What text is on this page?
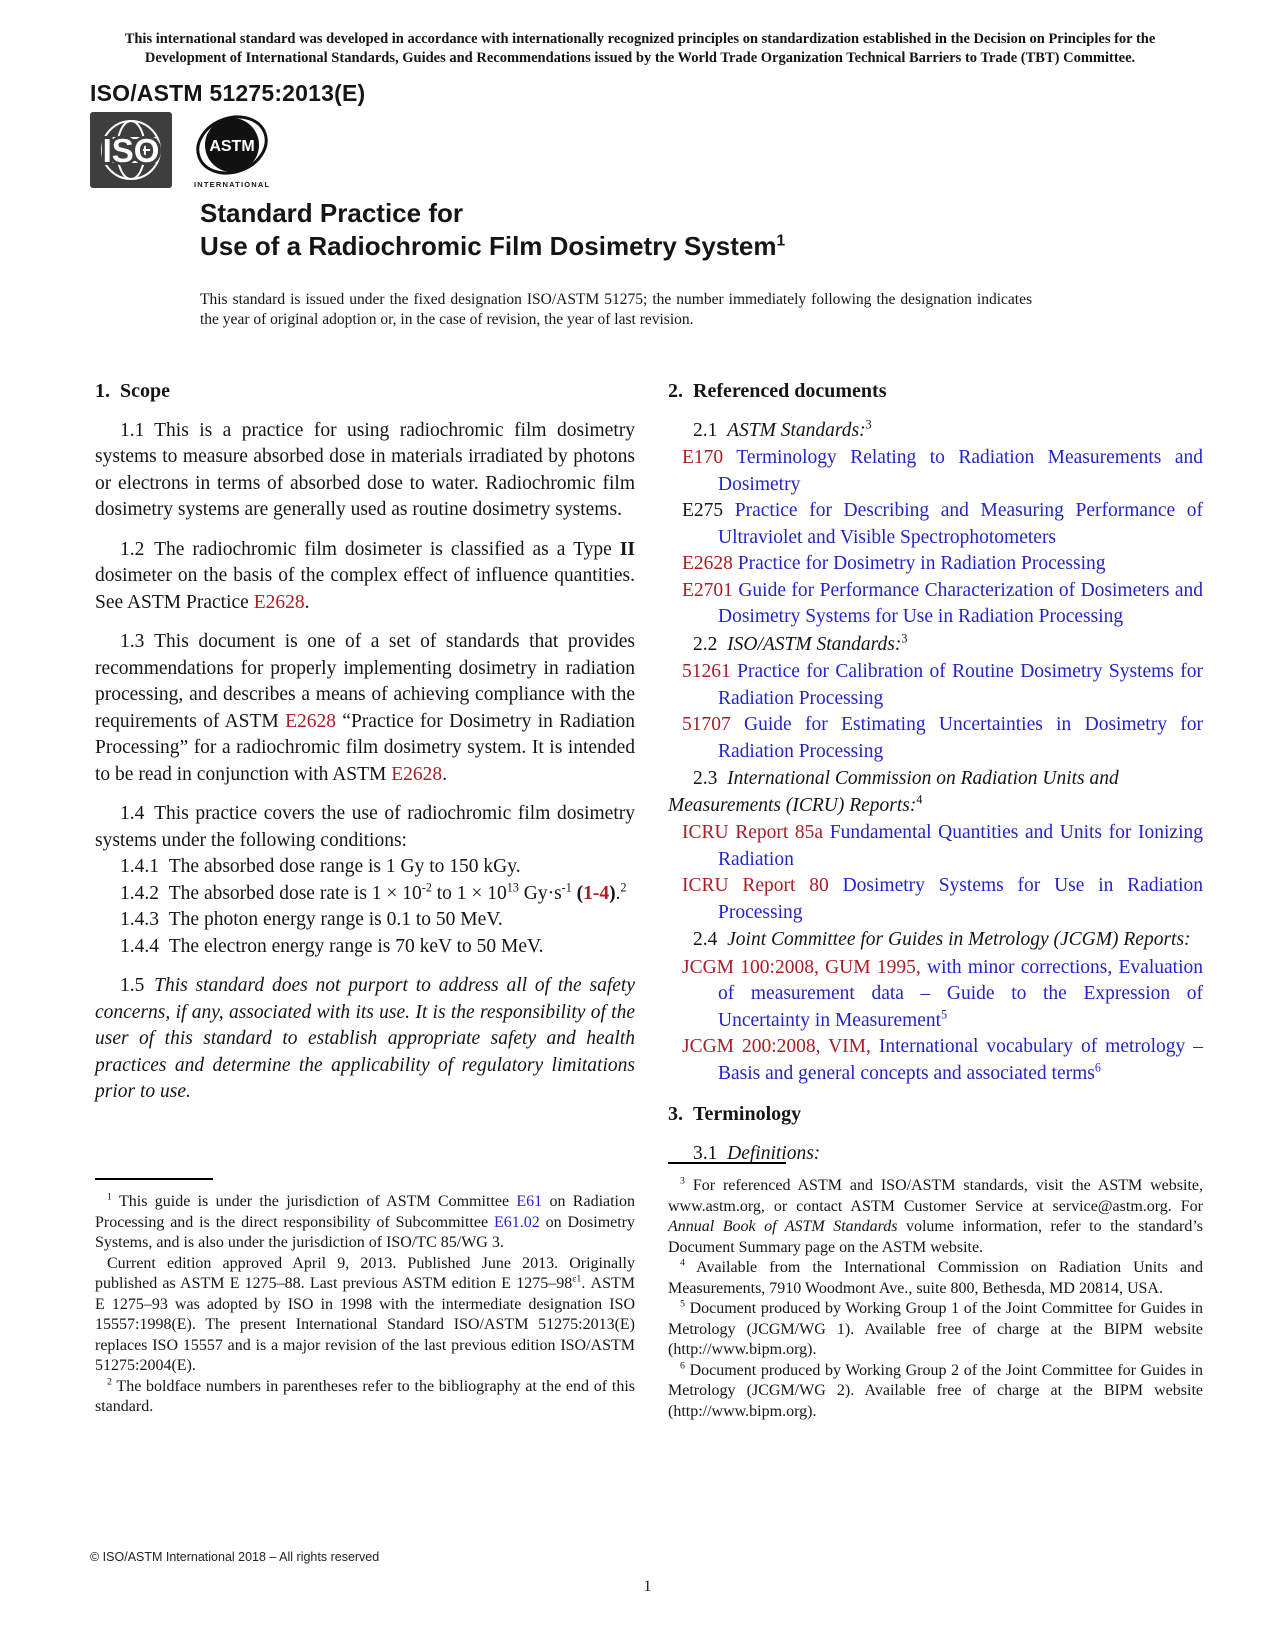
This international standard was developed in accordance with internationally recognized principles on standardization established in the Decision on Principles for the
Development of International Standards, Guides and Recommendations issued by the World Trade Organization Technical Barriers to Trade (TBT) Committee.
ISO/ASTM 51275:2013(E)
ISO	ASTM
INTERNATIONAL
Standard Practice for
Use of a Radiochromic Film Dosimetry System$^1$
This standard is issued under the fixed designation ISO/ASTM 51275; the number immediately following the designation indicates the year of original adoption or, in the case of revision, the year of last revision.
1. Scope

1.1 This is a practice for using radiochromic film dosimetry systems to measure absorbed dose in materials irradiated by photons or electrons in terms of absorbed dose to water. Radiochromic film dosimetry systems are generally used as routine dosimetry systems.

1.2 The radiochromic film dosimeter is classified as a Type II dosimeter on the basis of the complex effect of influence quantities. See ASTM Practice E2628.

1.3 This document is one of a set of standards that provides recommendations for properly implementing dosimetry in radiation processing, and describes a means of achieving compliance with the requirements of ASTM E2628 “Practice for Dosimetry in Radiation Processing” for a radiochromic film dosimetry system. It is intended to be read in conjunction with ASTM E2628.

1.4 This practice covers the use of radiochromic film dosimetry systems under the following conditions:

1.4.1 The absorbed dose range is 1 Gy to 150 kGy.

1.4.2 The absorbed dose rate is $1 \times 10^{-2}$ to $1 \times 10^{13}$ $Gy\cdot s^{-1}$ (1-4).$^2$

1.4.3 The photon energy range is 0.1 to 50 MeV.

1.4.4 The electron energy range is 70 keV to 50 MeV.

1.5 This standard does not purport to address all of the safety concerns, if any, associated with its use. It is the responsibility of the user of this standard to establish appropriate safety and health practices and determine the applicability of regulatory limitations prior to use.

2. Referenced documents

2.1 ASTM Standards:$^3$

E170 Terminology Relating to Radiation Measurements and Dosimetry

E275 Practice for Describing and Measuring Performance of Ultraviolet and Visible Spectrophotometers

E2628 Practice for Dosimetry in Radiation Processing

E2701 Guide for Performance Characterization of Dosimeters and Dosimetry Systems for Use in Radiation Processing

2.2 ISO/ASTM Standards:$^3$

51261 Practice for Calibration of Routine Dosimetry Systems for Radiation Processing

51707 Guide for Estimating Uncertainties in Dosimetry for Radiation Processing

2.3 International Commission on Radiation Units and Measurements (ICRU) Reports:$^4$

ICRU Report 85a Fundamental Quantities and Units for Ionizing Radiation

ICRU Report 80 Dosimetry Systems for Use in Radiation Processing

2.4 Joint Committee for Guides in Metrology (JCGM) Reports:

JCGM 100:2008, GUM 1995, with minor corrections, Evaluation of measurement data – Guide to the Expression of Uncertainty in Measurement$^5$

JCGM 200:2008, VIM, International vocabulary of metrology – Basis and general concepts and associated terms$^6$

3. Terminology

3.1 Definitions:

$^1$ This guide is under the jurisdiction of ASTM Committee E61 on Radiation Processing and is the direct responsibility of Subcommittee E61.02 on Dosimetry Systems, and is also under the jurisdiction of ISO/TC 85/WG 3.

Current edition approved April 9, 2013. Published June 2013. Originally published as ASTM E 1275–88. Last previous ASTM edition E $1275-98^{\varepsilon 1}$. ASTM E 1275–93 was adopted by ISO in 1998 with the intermediate designation ISO 15557:1998(E). The present International Standard ISO/ASTM 51275:2013(E) replaces ISO 15557 and is a major revision of the last previous edition ISO/ASTM 51275:2004(E).

$^2$ The boldface numbers in parentheses refer to the bibliography at the end of this standard.

$^3$ For referenced ASTM and ISO/ASTM standards, visit the ASTM website, www.astm.org, or contact ASTM Customer Service at service@astm.org. For Annual Book of ASTM Standards volume information, refer to the standard’s Document Summary page on the ASTM website.

$^4$ Available from the International Commission on Radiation Units and Measurements, 7910 Woodmont Ave., suite 800, Bethesda, MD 20814, USA.

$^5$ Document produced by Working Group 1 of the Joint Committee for Guides in Metrology (JCGM/WG 1). Available free of charge at the BIPM website (http://www.bipm.org).

$^6$ Document produced by Working Group 2 of the Joint Committee for Guides in Metrology (JCGM/WG 2). Available free of charge at the BIPM website (http://www.bipm.org).

© ISO/ASTM International 2018 – All rights reserved
1
